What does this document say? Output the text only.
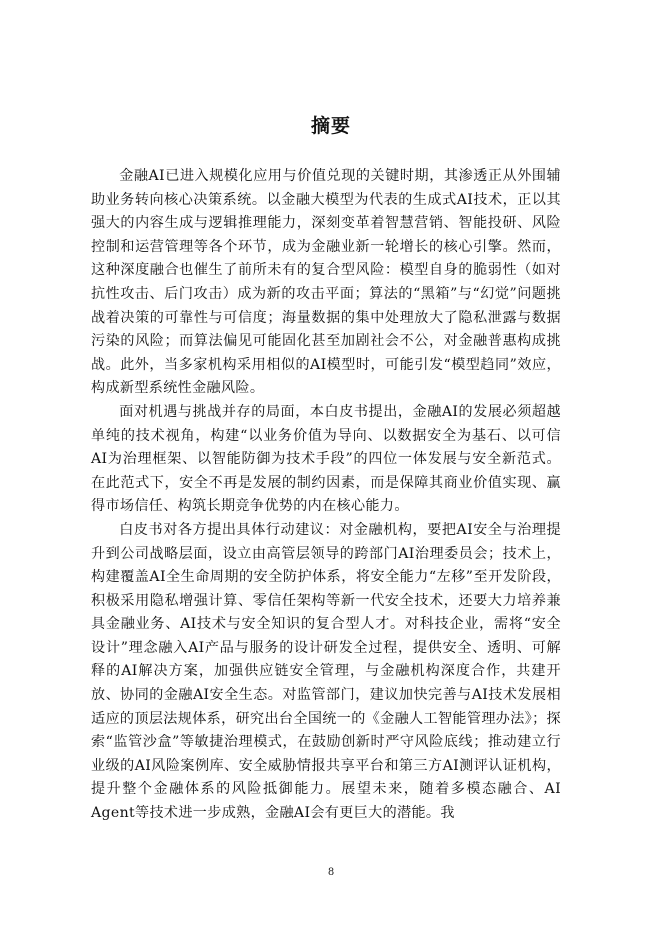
摘要

金融AI已进入规模化应用与价值兑现的关键时期，其渗透正从外围辅助业务转向核心决策系统。以金融大模型为代表的生成式AI技术，正以其强大的内容生成与逻辑推理能力，深刻变革着智慧营销、智能投研、风险控制和运营管理等各个环节，成为金融业新一轮增长的核心引擎。然而，这种深度融合也催生了前所未有的复合型风险：模型自身的脆弱性（如对抗性攻击、后门攻击）成为新的攻击平面；算法的“黑箱”与“幻觉”问题挑战着决策的可靠性与可信度；海量数据的集中处理放大了隐私泄露与数据污染的风险；而算法偏见可能固化甚至加剧社会不公，对金融普惠构成挑战。此外，当多家机构采用相似的AI模型时，可能引发“模型趋同”效应，构成新型系统性金融风险。

面对机遇与挑战并存的局面，本白皮书提出，金融AI的发展必须超越单纯的技术视角，构建“以业务价值为导向、以数据安全为基石、以可信AI为治理框架、以智能防御为技术手段”的四位一体发展与安全新范式。在此范式下，安全不再是发展的制约因素，而是保障其商业价值实现、赢得市场信任、构筑长期竞争优势的内在核心能力。

白皮书对各方提出具体行动建议：对金融机构，要把AI安全与治理提升到公司战略层面，设立由高管层领导的跨部门AI治理委员会；技术上，构建覆盖AI全生命周期的安全防护体系，将安全能力“左移”至开发阶段，积极采用隐私增强计算、零信任架构等新一代安全技术，还要大力培养兼具金融业务、AI技术与安全知识的复合型人才。对科技企业，需将“安全设计”理念融入AI产品与服务的设计研发全过程，提供安全、透明、可解释的AI解决方案，加强供应链安全管理，与金融机构深度合作，共建开放、协同的金融AI安全生态。对监管部门，建议加快完善与AI技术发展相适应的顶层法规体系，研究出台全国统一的《金融人工智能管理办法》；探索“监管沙盒”等敏捷治理模式，在鼓励创新时严守风险底线；推动建立行业级的AI风险案例库、安全威胁情报共享平台和第三方AI测评认证机构，提升整个金融体系的风险抵御能力。展望未来，随着多模态融合、AI Agent等技术进一步成熟，金融AI会有更巨大的潜能。我

8
